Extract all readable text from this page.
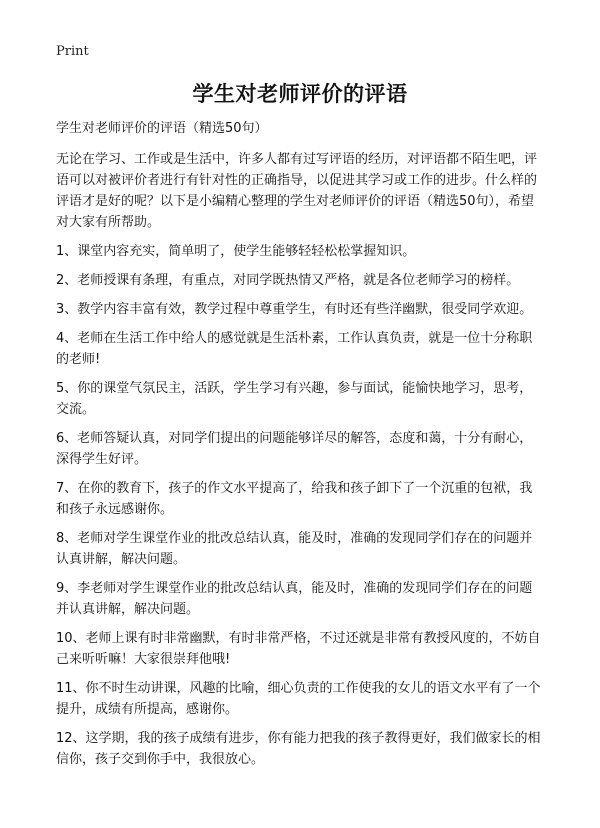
Print
学生对老师评价的评语

学生对老师评价的评语（精选50句）

无论在学习、工作或是生活中，许多人都有过写评语的经历，对评语都不陌生吧，评语可以对被评价者进行有针对性的正确指导，以促进其学习或工作的进步。什么样的评语才是好的呢？以下是小编精心整理的学生对老师评价的评语（精选50句），希望对大家有所帮助。

1、课堂内容充实，简单明了，使学生能够轻轻松松掌握知识。
2、老师授课有条理，有重点，对同学既热情又严格，就是各位老师学习的榜样。
3、教学内容丰富有效，教学过程中尊重学生，有时还有些洋幽默，很受同学欢迎。
4、老师在生活工作中给人的感觉就是生活朴素，工作认真负责，就是一位十分称职的老师!
5、你的课堂气氛民主，活跃，学生学习有兴趣，参与面试，能愉快地学习，思考，交流。
6、老师答疑认真，对同学们提出的问题能够详尽的解答，态度和蔼，十分有耐心，深得学生好评。
7、在你的教育下，孩子的作文水平提高了，给我和孩子卸下了一个沉重的包袱，我和孩子永远感谢你。
8、老师对学生课堂作业的批改总结认真，能及时，准确的发现同学们存在的问题并认真讲解，解决问题。
9、李老师对学生课堂作业的批改总结认真，能及时，准确的发现同学们存在的问题并认真讲解，解决问题。
10、老师上课有时非常幽默，有时非常严格，不过还就是非常有教授风度的，不妨自己来听听嘛！大家很崇拜他哦!
11、你不时生动讲课，风趣的比喻，细心负责的工作使我的女儿的语文水平有了一个提升，成绩有所提高，感谢你。
12、这学期，我的孩子成绩有进步，你有能力把我的孩子教得更好，我们做家长的相信你，孩子交到你手中，我很放心。
